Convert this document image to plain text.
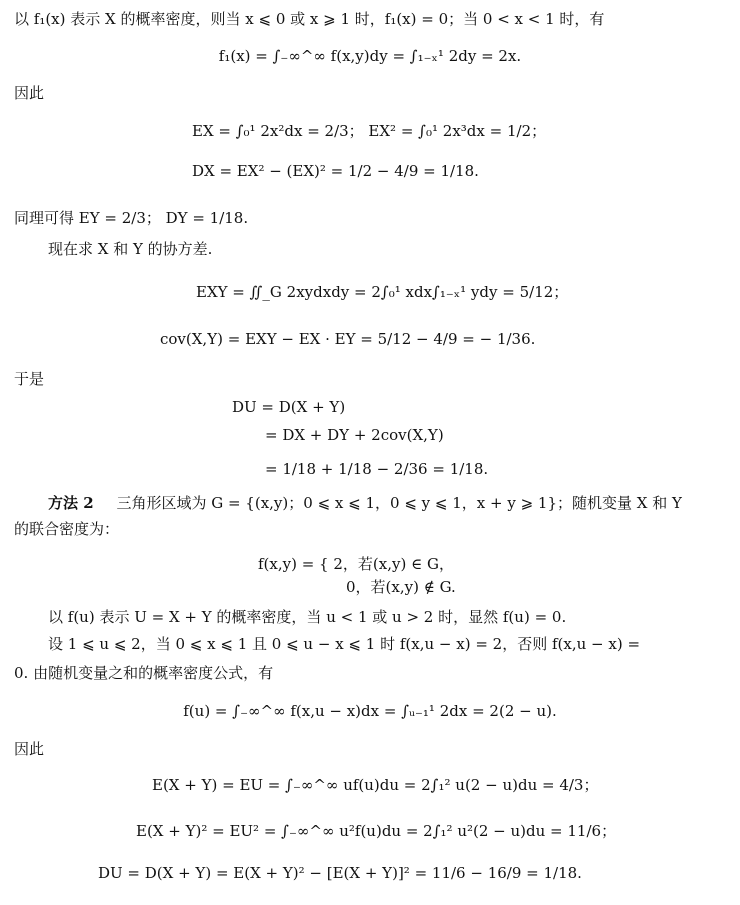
以 f₁(x) 表示 X 的概率密度，则当 x ⩽ 0 或 x ⩾ 1 时，f₁(x) = 0；当 0 < x < 1 时，有
f₁(x) = ∫₋∞^∞ f(x,y)dy = ∫₁₋ₓ¹ 2dy = 2x.
因此
EX = ∫₀¹ 2x²dx = 2/3； EX² = ∫₀¹ 2x³dx = 1/2；
DX = EX² − (EX)² = 1/2 − 4/9 = 1/18.
同理可得 EY = 2/3； DY = 1/18.
现在求 X 和 Y 的协方差.
EXY = ∬_G 2xydxdy = 2∫₀¹ xdx∫₁₋ₓ¹ ydy = 5/12；
cov(X,Y) = EXY − EX · EY = 5/12 − 4/9 = − 1/36.
于是
DU = D(X + Y)
= DX + DY + 2cov(X,Y)
= 1/18 + 1/18 − 2/36 = 1/18.
方法 2 三角形区域为 G = {(x,y)；0 ⩽ x ⩽ 1，0 ⩽ y ⩽ 1，x + y ⩾ 1}；随机变量 X 和 Y
的联合密度为：
f(x,y) = { 2，若(x,y) ∈ G，
0，若(x,y) ∉ G.
以 f(u) 表示 U = X + Y 的概率密度，当 u < 1 或 u > 2 时，显然 f(u) = 0.
设 1 ⩽ u ⩽ 2，当 0 ⩽ x ⩽ 1 且 0 ⩽ u − x ⩽ 1 时 f(x,u − x) = 2，否则 f(x,u − x) =
0. 由随机变量之和的概率密度公式，有
f(u) = ∫₋∞^∞ f(x,u − x)dx = ∫ᵤ₋₁¹ 2dx = 2(2 − u).
因此
E(X + Y) = EU = ∫₋∞^∞ uf(u)du = 2∫₁² u(2 − u)du = 4/3；
E(X + Y)² = EU² = ∫₋∞^∞ u²f(u)du = 2∫₁² u²(2 − u)du = 11/6；
DU = D(X + Y) = E(X + Y)² − [E(X + Y)]² = 11/6 − 16/9 = 1/18.
